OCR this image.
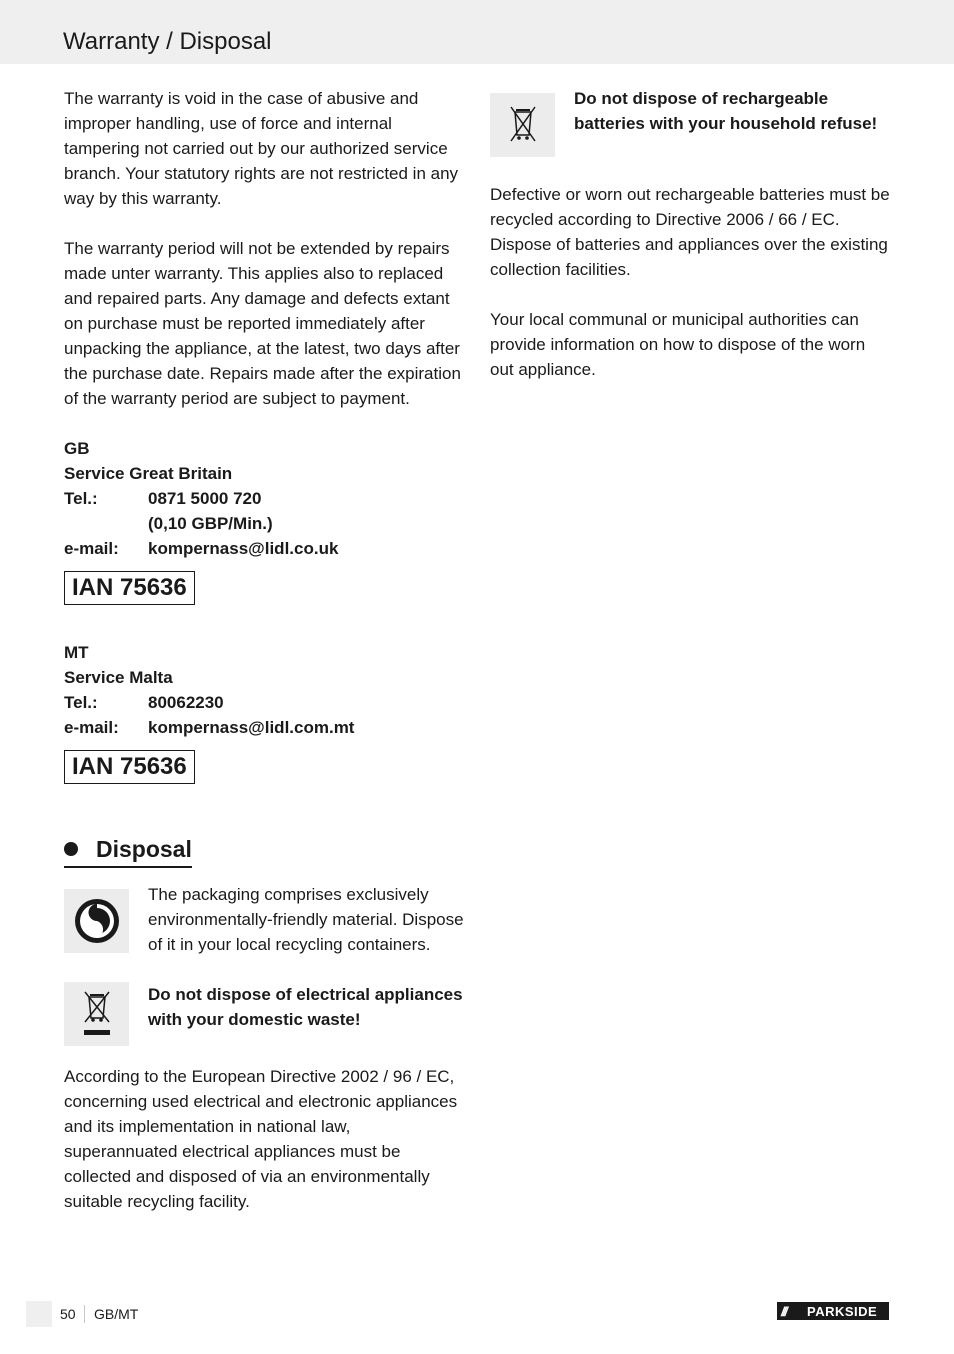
Warranty / Disposal

The warranty is void in the case of abusive and improper handling, use of force and internal tampering not carried out by our authorized service branch. Your statutory rights are not restricted in any way by this warranty.

The warranty period will not be extended by repairs made unter warranty. This applies also to replaced and repaired parts. Any damage and defects extant on purchase must be reported immediately after unpacking the appliance, at the latest, two days after the purchase date. Repairs made after the expiration of the warranty period are subject to payment.

GB
Service Great Britain
Tel.:	0871 5000 720
(0,10 GBP/Min.)
e-mail:	kompernass@lidl.co.uk
IAN 75636
MT
Service Malta
Tel.:	80062230
e-mail:	kompernass@lidl.com.mt
IAN 75636
Disposal

The packaging comprises exclusively environmentally-friendly material. Dispose of it in your local recycling containers.

Do not dispose of electrical appliances with your domestic waste!

According to the European Directive 2002 / 96 / EC, concerning used electrical and electronic appliances and its implementation in national law, superannuated electrical appliances must be collected and disposed of via an environmentally suitable recycling facility.

Do not dispose of rechargeable batteries with your household refuse!

Defective or worn out rechargeable batteries must be recycled according to Directive 2006 / 66 / EC. Dispose of batteries and appliances over the existing collection facilities.

Your local communal or municipal authorities can provide information on how to dispose of the worn out appliance.

50 GB/MT	///	PARKSIDE
